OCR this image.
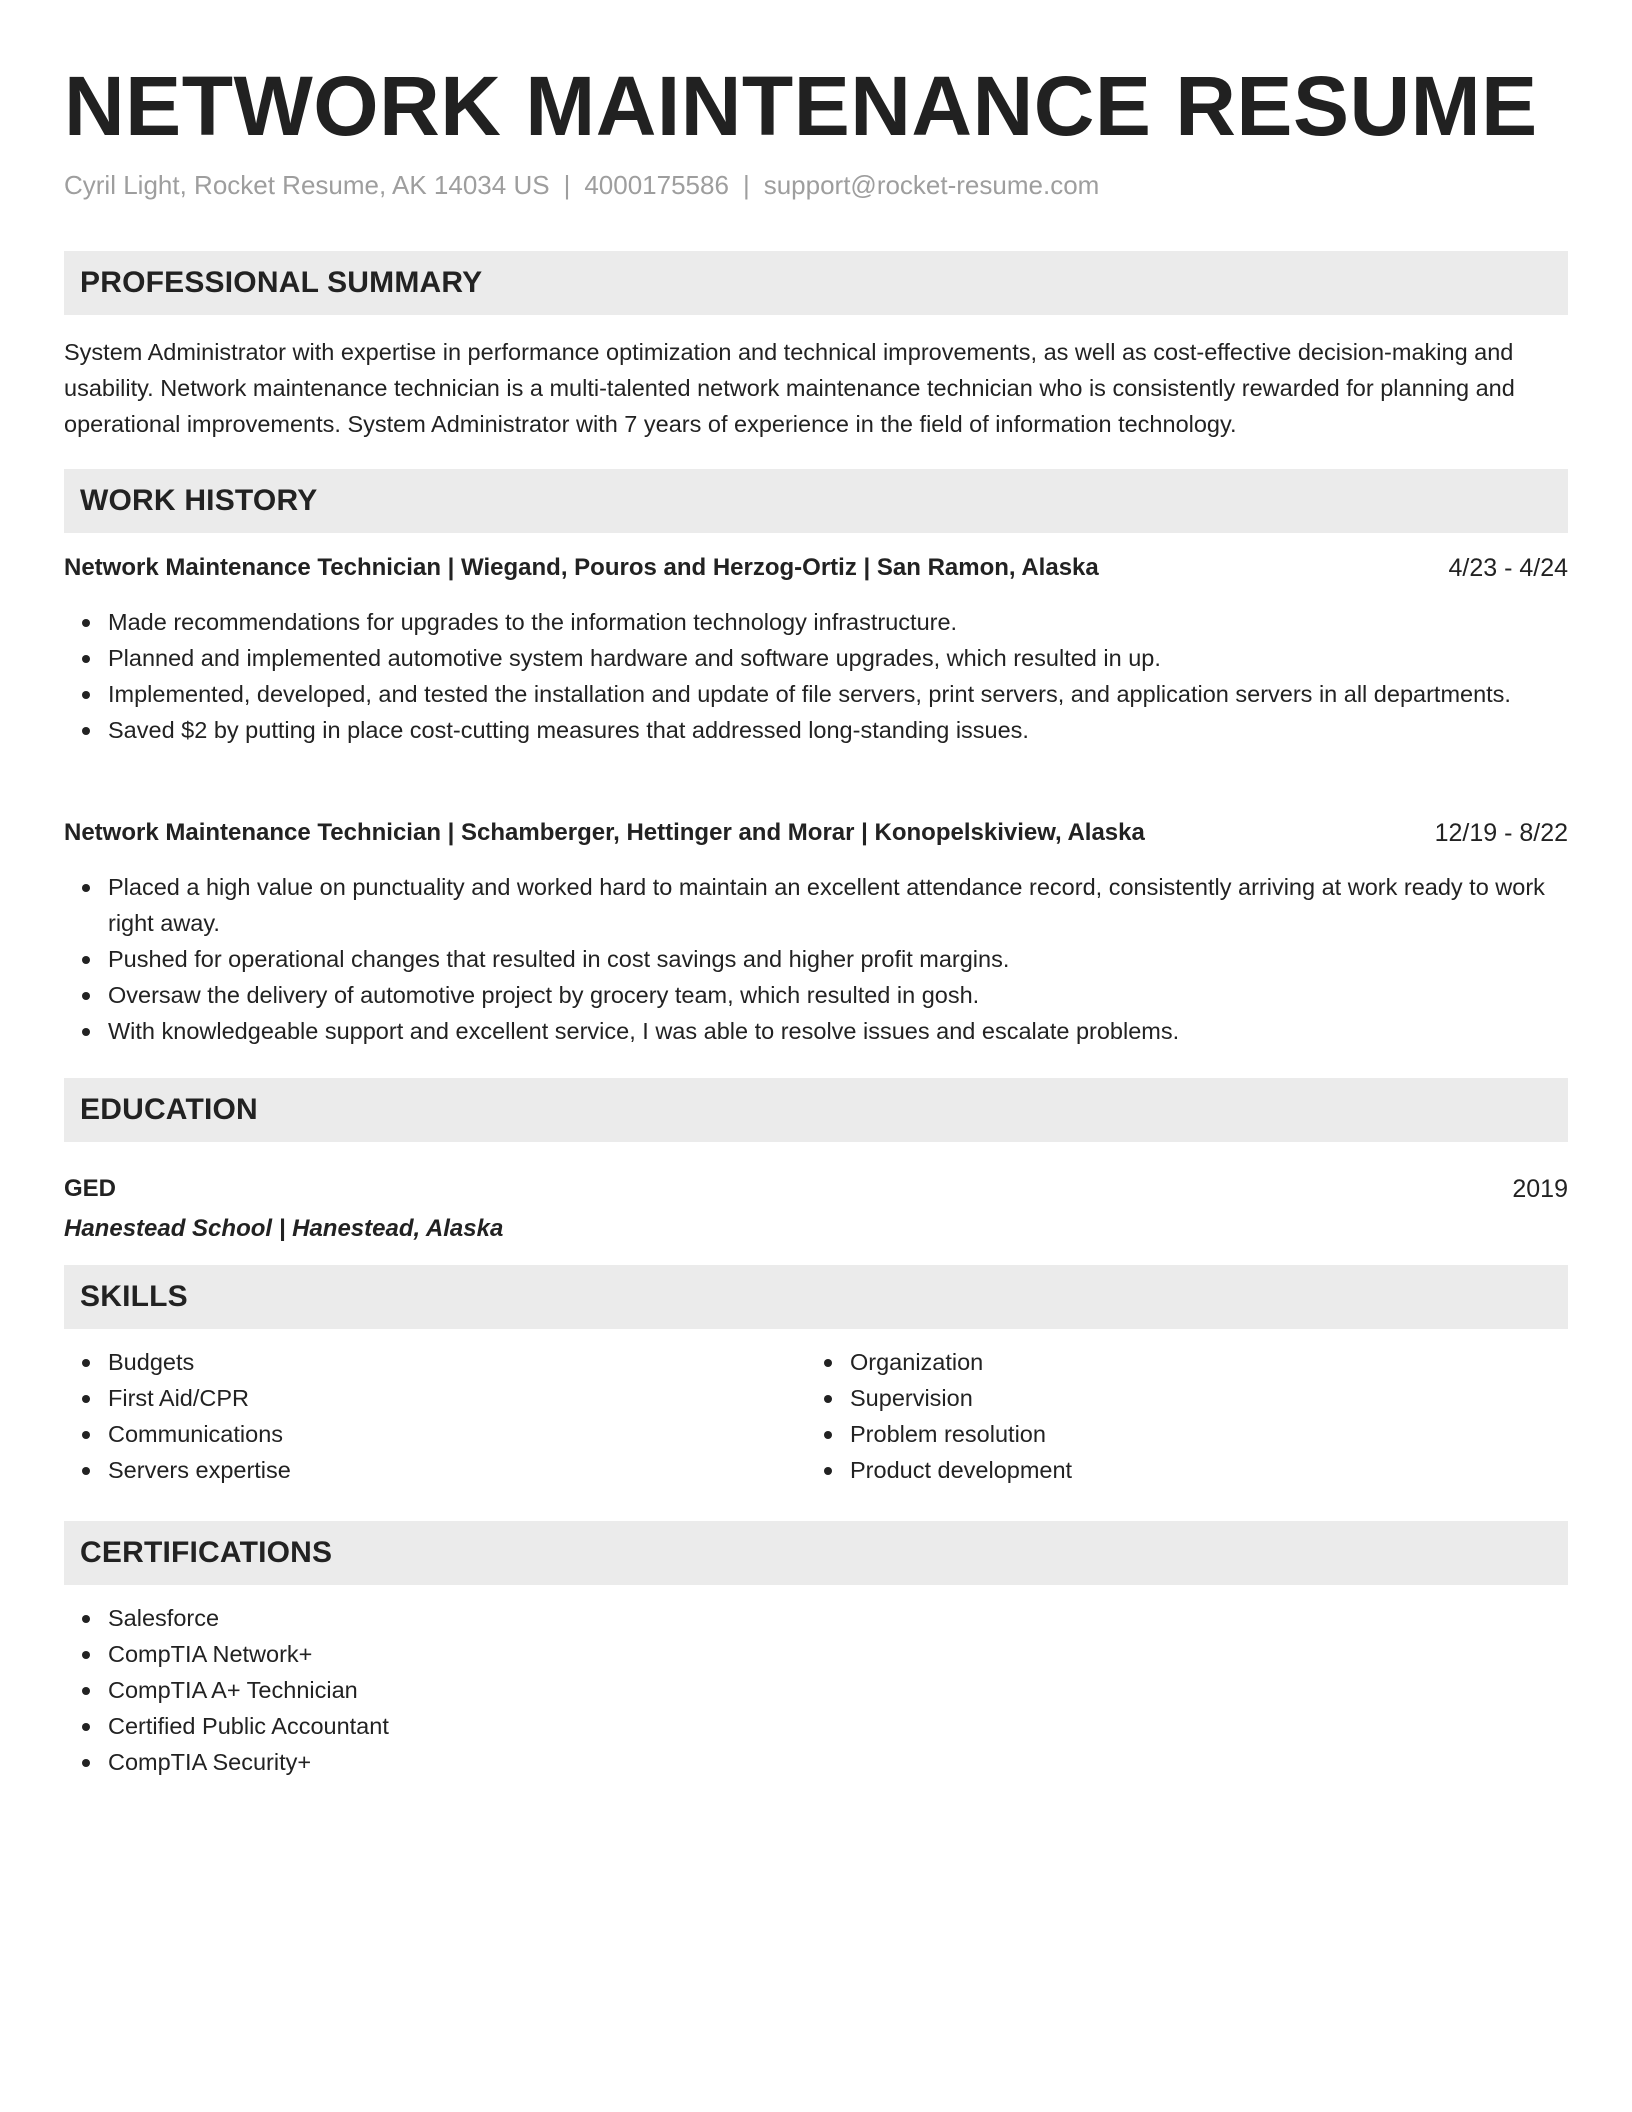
NETWORK MAINTENANCE RESUME
Cyril Light, Rocket Resume, AK 14034 US | 4000175586 | support@rocket-resume.com
PROFESSIONAL SUMMARY

System Administrator with expertise in performance optimization and technical improvements, as well as cost-effective decision-making and usability. Network maintenance technician is a multi-talented network maintenance technician who is consistently rewarded for planning and operational improvements. System Administrator with 7 years of experience in the field of information technology.

WORK HISTORY
Network Maintenance Technician | Wiegand, Pouros and Herzog-Ortiz | San Ramon, Alaska	4/23 - 4/24
Made recommendations for upgrades to the information technology infrastructure.
Planned and implemented automotive system hardware and software upgrades, which resulted in up.
Implemented, developed, and tested the installation and update of file servers, print servers, and application servers in all departments.
Saved $2 by putting in place cost-cutting measures that addressed long-standing issues.
Network Maintenance Technician | Schamberger, Hettinger and Morar | Konopelskiview, Alaska	12/19 - 8/22
Placed a high value on punctuality and worked hard to maintain an excellent attendance record, consistently arriving at work ready to work right away.
Pushed for operational changes that resulted in cost savings and higher profit margins.
Oversaw the delivery of automotive project by grocery team, which resulted in gosh.
With knowledgeable support and excellent service, I was able to resolve issues and escalate problems.
EDUCATION
GED	2019
Hanestead School | Hanestead, Alaska
SKILLS
Budgets
First Aid/CPR
Communications
Servers expertise
Organization
Supervision
Problem resolution
Product development
CERTIFICATIONS
Salesforce
CompTIA Network+
CompTIA A+ Technician
Certified Public Accountant
CompTIA Security+
